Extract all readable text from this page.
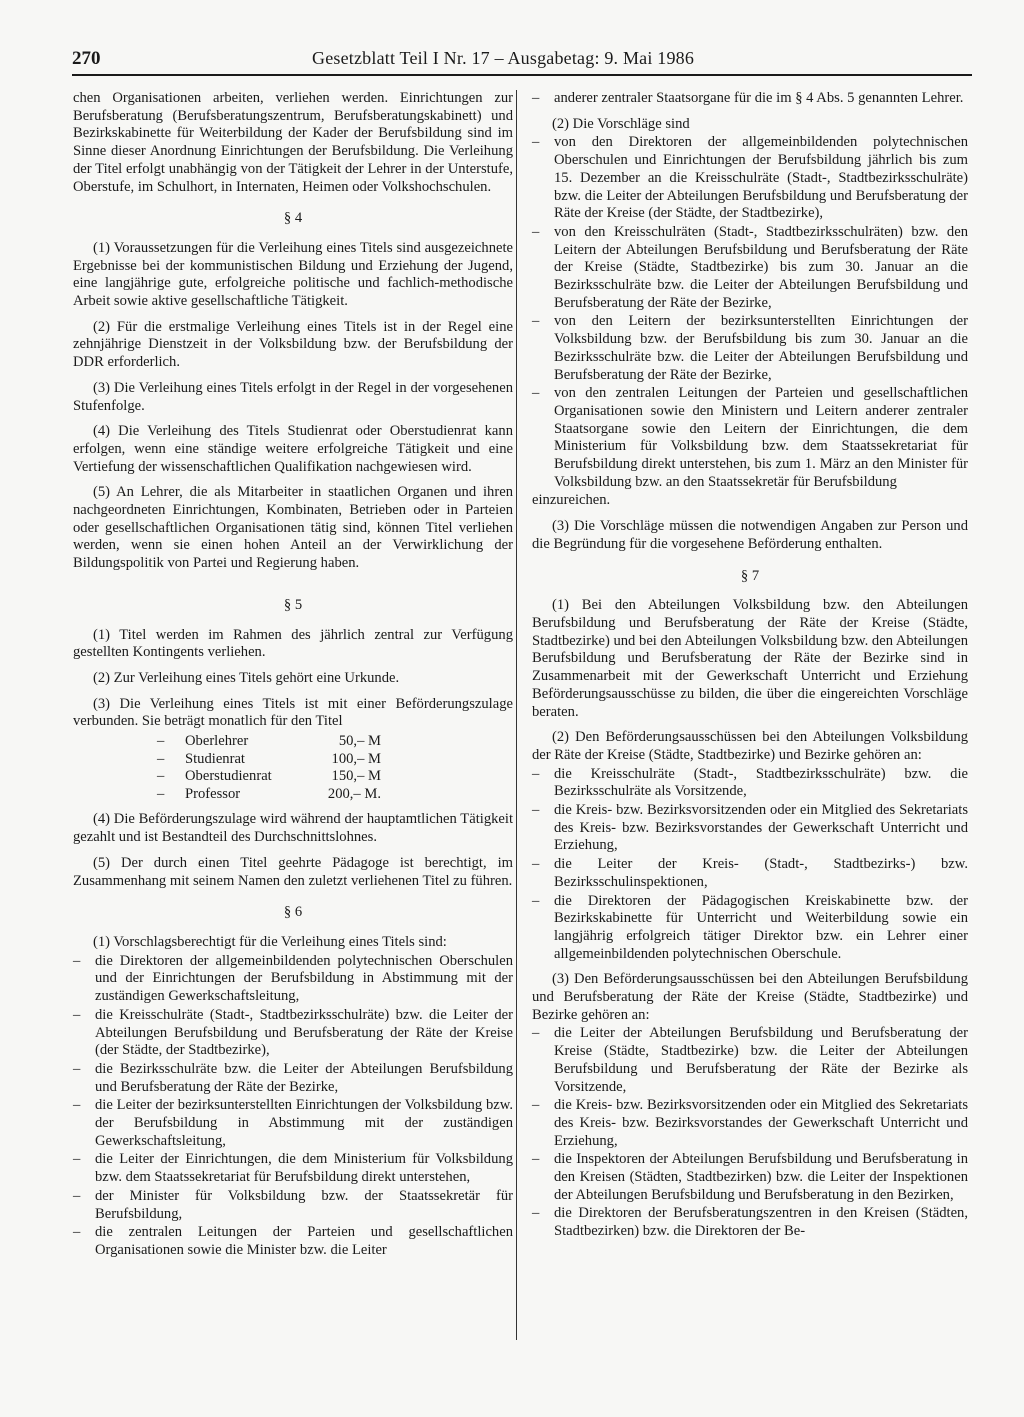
270	Gesetzblatt Teil I Nr. 17 – Ausgabetag: 9. Mai 1986

chen Organisationen arbeiten, verliehen werden. Einrichtungen zur Berufsberatung (Berufsberatungszentrum, Berufsberatungskabinett) und Bezirkskabinette für Weiterbildung der Kader der Berufsbildung sind im Sinne dieser Anordnung Einrichtungen der Berufsbildung. Die Verleihung der Titel erfolgt unabhängig von der Tätigkeit der Lehrer in der Unterstufe, Oberstufe, im Schulhort, in Internaten, Heimen oder Volkshochschulen.

§ 4

(1) Voraussetzungen für die Verleihung eines Titels sind ausgezeichnete Ergebnisse bei der kommunistischen Bildung und Erziehung der Jugend, eine langjährige gute, erfolgreiche politische und fachlich-methodische Arbeit sowie aktive gesellschaftliche Tätigkeit.

(2) Für die erstmalige Verleihung eines Titels ist in der Regel eine zehnjährige Dienstzeit in der Volksbildung bzw. der Berufsbildung der DDR erforderlich.

(3) Die Verleihung eines Titels erfolgt in der Regel in der vorgesehenen Stufenfolge.

(4) Die Verleihung des Titels Studienrat oder Oberstudienrat kann erfolgen, wenn eine ständige weitere erfolgreiche Tätigkeit und eine Vertiefung der wissenschaftlichen Qualifikation nachgewiesen wird.

(5) An Lehrer, die als Mitarbeiter in staatlichen Organen und ihren nachgeordneten Einrichtungen, Kombinaten, Betrieben oder in Parteien oder gesellschaftlichen Organisationen tätig sind, können Titel verliehen werden, wenn sie einen hohen Anteil an der Verwirklichung der Bildungspolitik von Partei und Regierung haben.

§ 5

(1) Titel werden im Rahmen des jährlich zentral zur Verfügung gestellten Kontingents verliehen.

(2) Zur Verleihung eines Titels gehört eine Urkunde.

(3) Die Verleihung eines Titels ist mit einer Beförderungszulage verbunden. Sie beträgt monatlich für den Titel

–	Oberlehrer	50,– M
–	Studienrat	100,– M
–	Oberstudienrat	150,– M
–	Professor	200,– M.

(4) Die Beförderungszulage wird während der hauptamtlichen Tätigkeit gezahlt und ist Bestandteil des Durchschnittslohnes.

(5) Der durch einen Titel geehrte Pädagoge ist berechtigt, im Zusammenhang mit seinem Namen den zuletzt verliehenen Titel zu führen.

§ 6

(1) Vorschlagsberechtigt für die Verleihung eines Titels sind:

– die Direktoren der allgemeinbildenden polytechnischen Oberschulen und der Einrichtungen der Berufsbildung in Abstimmung mit der zuständigen Gewerkschaftsleitung,
– die Kreisschulräte (Stadt-, Stadtbezirksschulräte) bzw. die Leiter der Abteilungen Berufsbildung und Berufsberatung der Räte der Kreise (der Städte, der Stadtbezirke),
– die Bezirksschulräte bzw. die Leiter der Abteilungen Berufsbildung und Berufsberatung der Räte der Bezirke,
– die Leiter der bezirksunterstellten Einrichtungen der Volksbildung bzw. der Berufsbildung in Abstimmung mit der zuständigen Gewerkschaftsleitung,
– die Leiter der Einrichtungen, die dem Ministerium für Volksbildung bzw. dem Staatssekretariat für Berufsbildung direkt unterstehen,
– der Minister für Volksbildung bzw. der Staatssekretär für Berufsbildung,
– die zentralen Leitungen der Parteien und gesellschaftlichen Organisationen sowie die Minister bzw. die Leiter
– anderer zentraler Staatsorgane für die im § 4 Abs. 5 genannten Lehrer.

(2) Die Vorschläge sind

– von den Direktoren der allgemeinbildenden polytechnischen Oberschulen und Einrichtungen der Berufsbildung jährlich bis zum 15. Dezember an die Kreisschulräte (Stadt-, Stadtbezirksschulräte) bzw. die Leiter der Abteilungen Berufsbildung und Berufsberatung der Räte der Kreise (der Städte, der Stadtbezirke),
– von den Kreisschulräten (Stadt-, Stadtbezirksschulräten) bzw. den Leitern der Abteilungen Berufsbildung und Berufsberatung der Räte der Kreise (Städte, Stadtbezirke) bis zum 30. Januar an die Bezirksschulräte bzw. die Leiter der Abteilungen Berufsbildung und Berufsberatung der Räte der Bezirke,
– von den Leitern der bezirksunterstellten Einrichtungen der Volksbildung bzw. der Berufsbildung bis zum 30. Januar an die Bezirksschulräte bzw. die Leiter der Abteilungen Berufsbildung und Berufsberatung der Räte der Bezirke,
– von den zentralen Leitungen der Parteien und gesellschaftlichen Organisationen sowie den Ministern und Leitern anderer zentraler Staatsorgane sowie den Leitern der Einrichtungen, die dem Ministerium für Volksbildung bzw. dem Staatssekretariat für Berufsbildung direkt unterstehen, bis zum 1. März an den Minister für Volksbildung bzw. an den Staatssekretär für Berufsbildung

einzureichen.

(3) Die Vorschläge müssen die notwendigen Angaben zur Person und die Begründung für die vorgesehene Beförderung enthalten.

§ 7

(1) Bei den Abteilungen Volksbildung bzw. den Abteilungen Berufsbildung und Berufsberatung der Räte der Kreise (Städte, Stadtbezirke) und bei den Abteilungen Volksbildung bzw. den Abteilungen Berufsbildung und Berufsberatung der Räte der Bezirke sind in Zusammenarbeit mit der Gewerkschaft Unterricht und Erziehung Beförderungsausschüsse zu bilden, die über die eingereichten Vorschläge beraten.

(2) Den Beförderungsausschüssen bei den Abteilungen Volksbildung der Räte der Kreise (Städte, Stadtbezirke) und Bezirke gehören an:

– die Kreisschulräte (Stadt-, Stadtbezirksschulräte) bzw. die Bezirksschulräte als Vorsitzende,
– die Kreis- bzw. Bezirksvorsitzenden oder ein Mitglied des Sekretariats des Kreis- bzw. Bezirksvorstandes der Gewerkschaft Unterricht und Erziehung,
– die Leiter der Kreis- (Stadt-, Stadtbezirks-) bzw. Bezirksschulinspektionen,
– die Direktoren der Pädagogischen Kreiskabinette bzw. der Bezirkskabinette für Unterricht und Weiterbildung sowie ein langjährig erfolgreich tätiger Direktor bzw. ein Lehrer einer allgemeinbildenden polytechnischen Oberschule.

(3) Den Beförderungsausschüssen bei den Abteilungen Berufsbildung und Berufsberatung der Räte der Kreise (Städte, Stadtbezirke) und Bezirke gehören an:

– die Leiter der Abteilungen Berufsbildung und Berufsberatung der Kreise (Städte, Stadtbezirke) bzw. die Leiter der Abteilungen Berufsbildung und Berufsberatung der Räte der Bezirke als Vorsitzende,
– die Kreis- bzw. Bezirksvorsitzenden oder ein Mitglied des Sekretariats des Kreis- bzw. Bezirksvorstandes der Gewerkschaft Unterricht und Erziehung,
– die Inspektoren der Abteilungen Berufsbildung und Berufsberatung in den Kreisen (Städten, Stadtbezirken) bzw. die Leiter der Inspektionen der Abteilungen Berufsbildung und Berufsberatung in den Bezirken,
– die Direktoren der Berufsberatungszentren in den Kreisen (Städten, Stadtbezirken) bzw. die Direktoren der Be-
